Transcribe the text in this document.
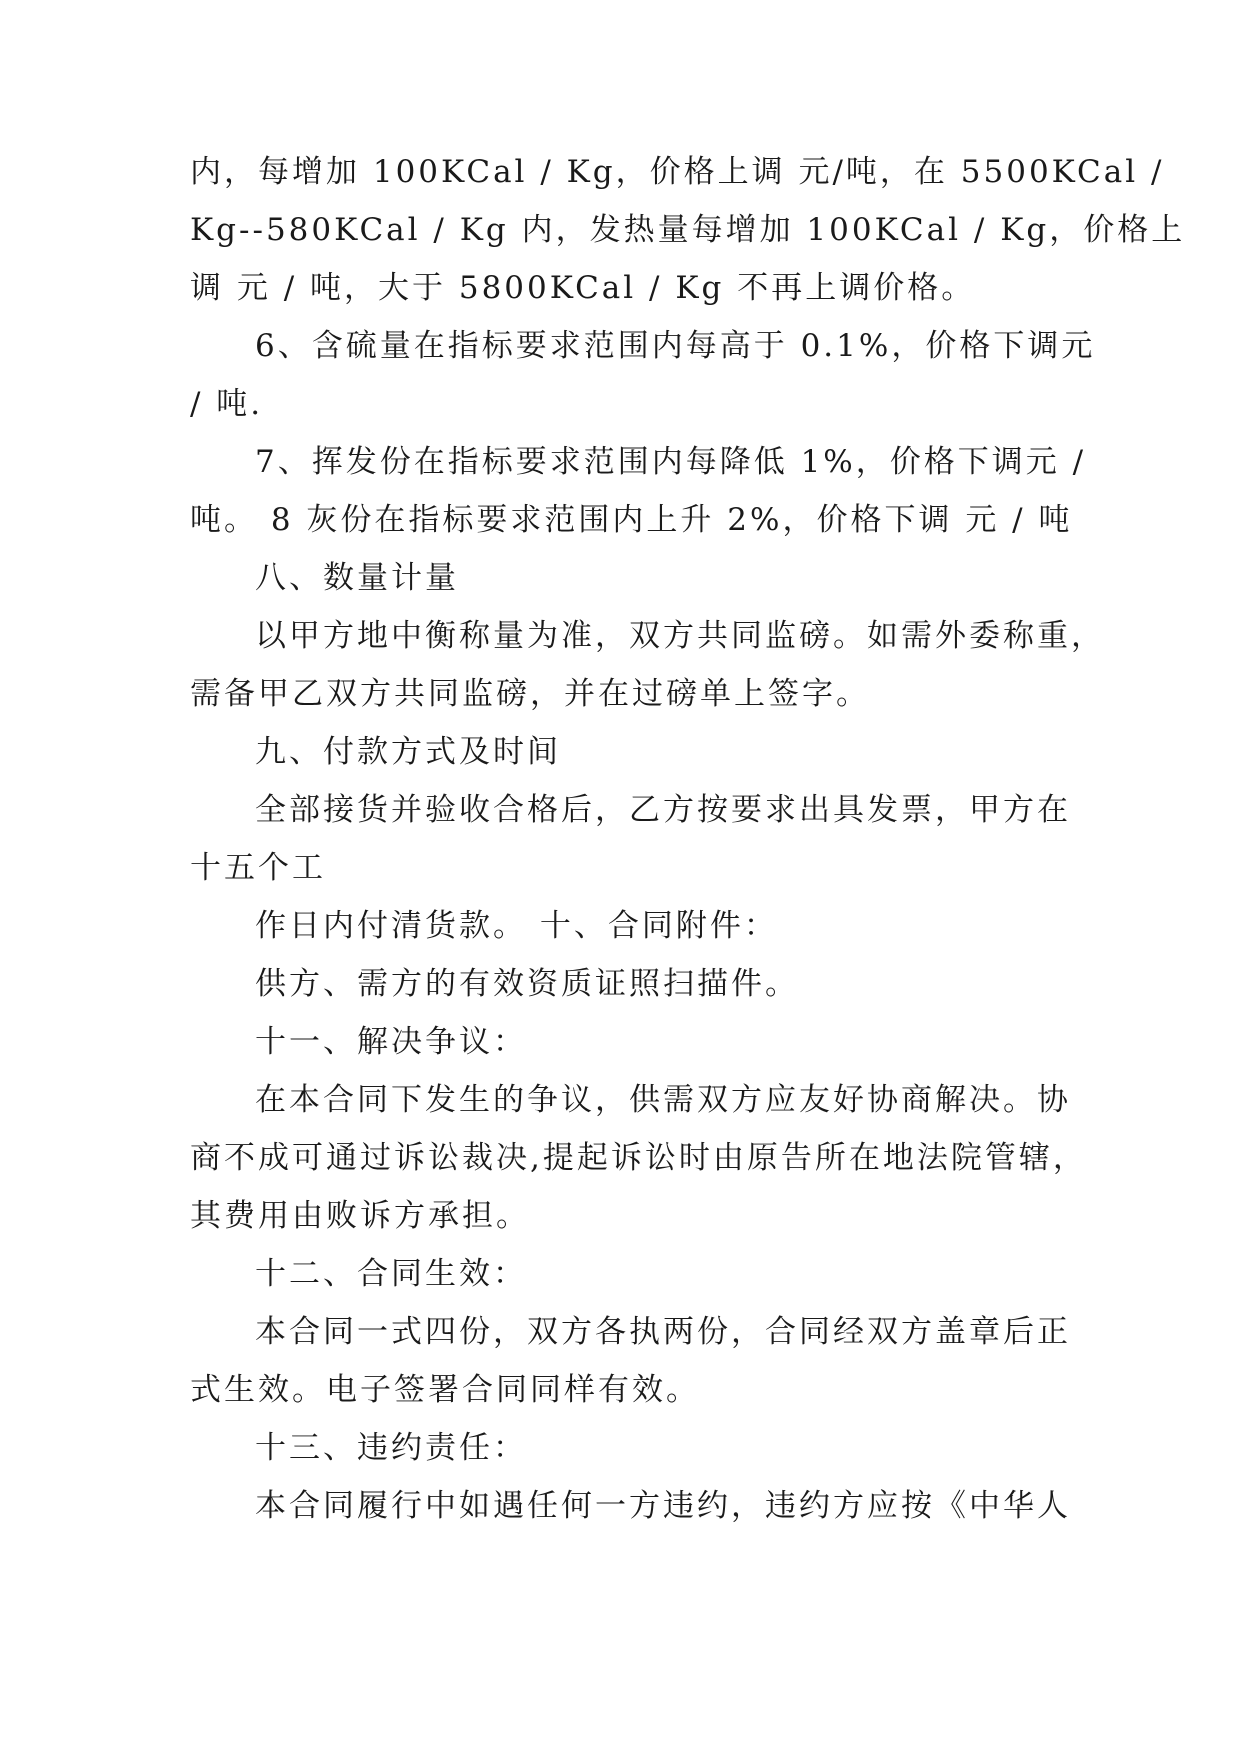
内，每增加 100KCal / Kg，价格上调 元/吨，在 5500KCal /
Kg--580KCal / Kg 内，发热量每增加 100KCal / Kg，价格上
调 元 / 吨，大于 5800KCal / Kg 不再上调价格。
6、含硫量在指标要求范围内每高于 0.1%，价格下调元
/ 吨.
7、挥发份在指标要求范围内每降低 1%，价格下调元 /
吨。 8 灰份在指标要求范围内上升 2%，价格下调 元 / 吨
八、数量计量
以甲方地中衡称量为准，双方共同监磅。如需外委称重，
需备甲乙双方共同监磅，并在过磅单上签字。
九、付款方式及时间
全部接货并验收合格后，乙方按要求出具发票，甲方在
十五个工
作日内付清货款。 十、合同附件：
供方、需方的有效资质证照扫描件。
十一、解决争议：
在本合同下发生的争议，供需双方应友好协商解决。协
商不成可通过诉讼裁决,提起诉讼时由原告所在地法院管辖，
其费用由败诉方承担。
十二、合同生效：
本合同一式四份，双方各执两份，合同经双方盖章后正
式生效。电子签署合同同样有效。
十三、违约责任：
本合同履行中如遇任何一方违约，违约方应按《中华人
